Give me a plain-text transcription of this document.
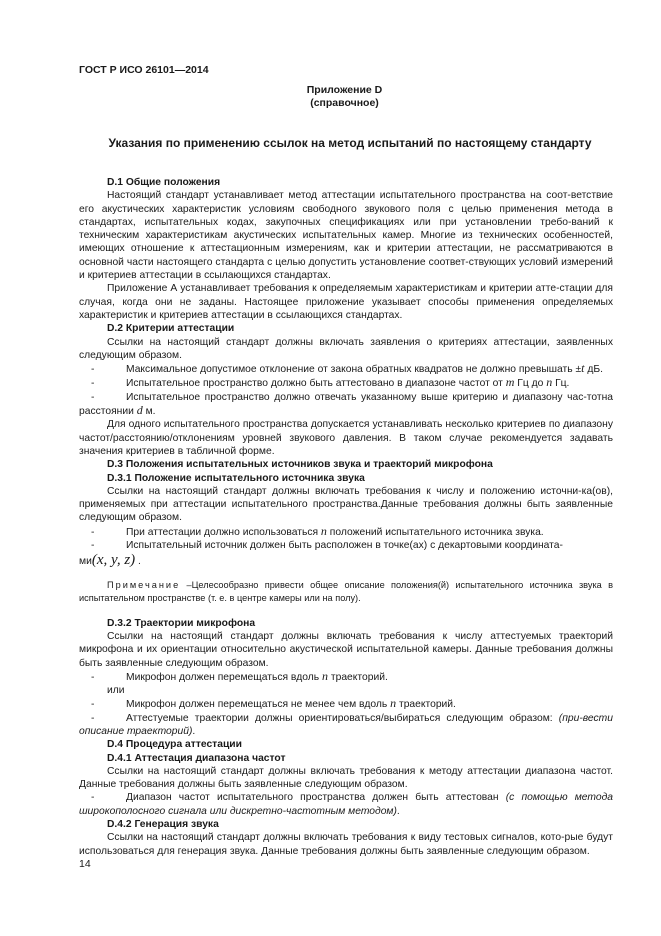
ГОСТ Р ИСО 26101—2014
Приложение D
(справочное)
Указания по применению ссылок на метод испытаний по настоящему стандарту

D.1 Общие положения

Настоящий стандарт устанавливает метод аттестации испытательного пространства на соот-ветствие его акустических характеристик условиям свободного звукового поля с целью применения метода в стандартах, испытательных кодах, закупочных спецификациях или при установлении требо-ваний к техническим характеристикам акустических испытательных камер. Многие из технических особенностей, имеющих отношение к аттестационным измерениям, как и критерии аттестации, не рассматриваются в основной части настоящего стандарта с целью допустить установление соответ-ствующих условий измерений и критериев аттестации в ссылающихся стандартах.

Приложение А устанавливает требования к определяемым характеристикам и критерии атте-стации для случая, когда они не заданы. Настоящее приложение указывает способы применения определяемых характеристик и критериев аттестации в ссылающихся стандартах.

D.2 Критерии аттестации

Ссылки на настоящий стандарт должны включать заявления о критериях аттестации, заявленных следующим образом.

-	Максимальное допустимое отклонение от закона обратных квадратов не должно превышать ±t дБ.

-	Испытательное пространство должно быть аттестовано в диапазоне частот от m Гц до n Гц.

-	Испытательное пространство должно отвечать указанному выше критерию и диапазону час-тотна расстоянии d м.

Для одного испытательного пространства допускается устанавливать несколько критериев по диапазону частот/расстоянию/отклонениям уровней звукового давления. В таком случае рекомендуется задавать значения критериев в табличной форме.

D.3 Положения испытательных источников звука и траекторий микрофона

D.3.1 Положение испытательного источника звука

Ссылки на настоящий стандарт должны включать требования к числу и положению источни-ка(ов), применяемых при аттестации испытательного пространства.Данные требования должны быть заявленные следующим образом.

-	При аттестации должно использоваться n положений испытательного источника звука.

-	Испытательный источник должен быть расположен в точке(ах) с декартовыми координата-

ми(x, y, z) .

Примечание –Целесообразно привести общее описание положения(й) испытательного источника звука в испытательном пространстве (т. е. в центре камеры или на полу).

D.3.2 Траектории микрофона

Ссылки на настоящий стандарт должны включать требования к числу аттестуемых траекторий микрофона и их ориентации относительно акустической испытательной камеры. Данные требования должны быть заявленные следующим образом.

-	Микрофон должен перемещаться вдоль n траекторий.

или

-	Микрофон должен перемещаться не менее чем вдоль n траекторий.

-	Аттестуемые траектории должны ориентироваться/выбираться следующим образом: (при-вести описание траекторий).

D.4 Процедура аттестации

D.4.1 Аттестация диапазона частот

Ссылки на настоящий стандарт должны включать требования к методу аттестации диапазона частот. Данные требования должны быть заявленные следующим образом.

-	Диапазон частот испытательного пространства должен быть аттестован (с помощью метода широкополосного сигнала или дискретно-частотным методом).

D.4.2 Генерация звука

Ссылки на настоящий стандарт должны включать требования к виду тестовых сигналов, кото-рые будут использоваться для генерация звука. Данные требования должны быть заявленные следующим образом.

14
